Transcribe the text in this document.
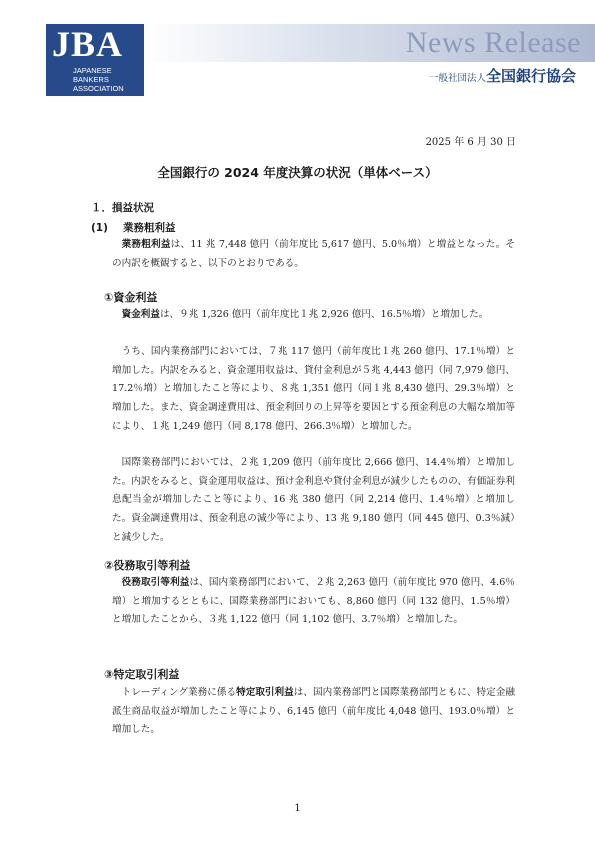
JBA
JAPANESE
BANKERS
ASSOCIATION
News Release
一般社団法人全国銀行協会
2025 年 6 月 30 日
全国銀行の 2024 年度決算の状況（単体ベース）
１．損益状況
(1) 業務粗利益
業務粗利益は、11 兆 7,448 億円（前年度比 5,617 億円、5.0％増）と増益となった。その内訳を概観すると、以下のとおりである。
①資金利益
資金利益は、９兆 1,326 億円（前年度比１兆 2,926 億円、16.5％増）と増加した。
うち、国内業務部門においては、７兆 117 億円（前年度比１兆 260 億円、17.1％増）と増加した。内訳をみると、資金運用収益は、貸付金利息が５兆 4,443 億円（同 7,979 億円、17.2％増）と増加したこと等により、８兆 1,351 億円（同１兆 8,430 億円、29.3％増）と増加した。また、資金調達費用は、預金利回りの上昇等を要因とする預金利息の大幅な増加等により、１兆 1,249 億円（同 8,178 億円、266.3％増）と増加した。
国際業務部門においては、２兆 1,209 億円（前年度比 2,666 億円、14.4％増）と増加した。内訳をみると、資金運用収益は、預け金利息や貸付金利息が減少したものの、有価証券利息配当金が増加したこと等により、16 兆 380 億円（同 2,214 億円、1.4％増）と増加した。資金調達費用は、預金利息の減少等により、13 兆 9,180 億円（同 445 億円、0.3％減）と減少した。
②役務取引等利益
役務取引等利益は、国内業務部門において、２兆 2,263 億円（前年度比 970 億円、4.6％増）と増加するとともに、国際業務部門においても、8,860 億円（同 132 億円、1.5％増）と増加したことから、３兆 1,122 億円（同 1,102 億円、3.7％増）と増加した。
③特定取引利益
トレーディング業務に係る特定取引利益は、国内業務部門と国際業務部門ともに、特定金融派生商品収益が増加したこと等により、6,145 億円（前年度比 4,048 億円、193.0％増）と増加した。
1
